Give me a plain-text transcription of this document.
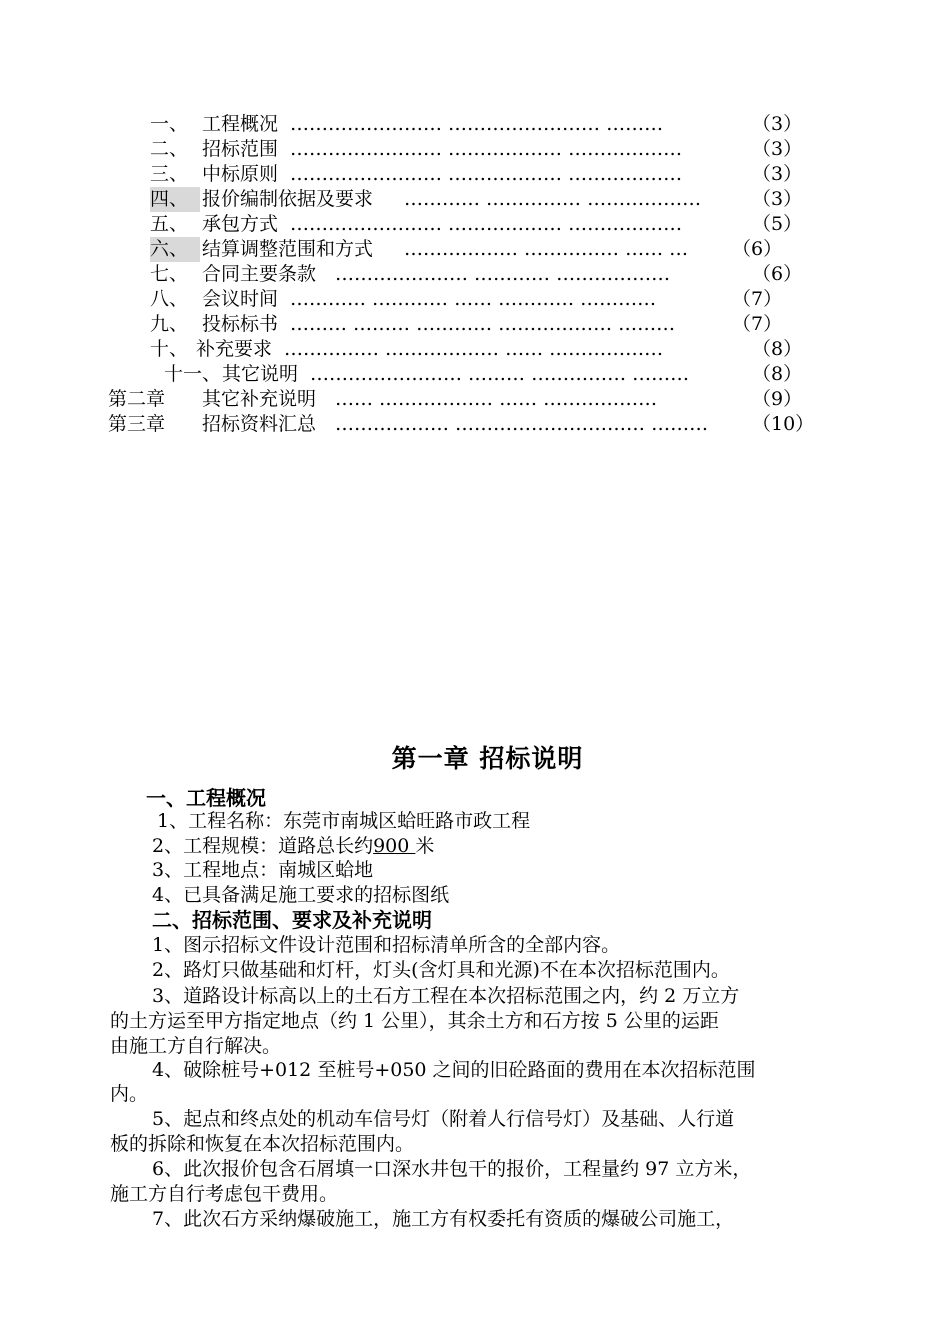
一、 工程概况 …………………… …………………… ………	（3）
二、 招标范围 …………………… ……………… ………………	（3）
三、 中标原则 …………………… ……………… ………………	（3）
四、 报价编制依据及要求 ………… …………… ………………	（3）
五、 承包方式 …………………… ……………… ………………	（5）
六、 结算调整范围和方式 ……………… …………… …… …	（6）
七、 合同主要条款 ………………… ………… ………………	（6）
八、 会议时间 ………… ………… …… ………… …………	（7）
九、 投标标书 ……… ……… ………… ……………… ………	（7）
十、 补充要求 …………… ……………… …… ………………	（8）
十一、 其它说明 …………………… ……… …………… ………	（8）
第二章 其它补充说明 …… ……………… …… ………………	（9）
第三章 招标资料汇总 ……………… ………………………… ………	（10）
第一章 招标说明
一、工程概况
1、工程名称：东莞市南城区蛤旺路市政工程
2、工程规模：道路总长约900 米
3、工程地点：南城区蛤地
4、已具备满足施工要求的招标图纸
二、招标范围、要求及补充说明
1、图示招标文件设计范围和招标清单所含的全部内容。
2、路灯只做基础和灯杆，灯头(含灯具和光源)不在本次招标范围内。
3、道路设计标高以上的土石方工程在本次招标范围之内，约 2 万立方
的土方运至甲方指定地点（约 1 公里），其余土方和石方按 5 公里的运距
由施工方自行解决。
4、破除桩号+012 至桩号+050 之间的旧砼路面的费用在本次招标范围
内。
5、起点和终点处的机动车信号灯（附着人行信号灯）及基础、人行道
板的拆除和恢复在本次招标范围内。
6、此次报价包含石屑填一口深水井包干的报价，工程量约 97 立方米，
施工方自行考虑包干费用。
7、此次石方采纳爆破施工，施工方有权委托有资质的爆破公司施工，
